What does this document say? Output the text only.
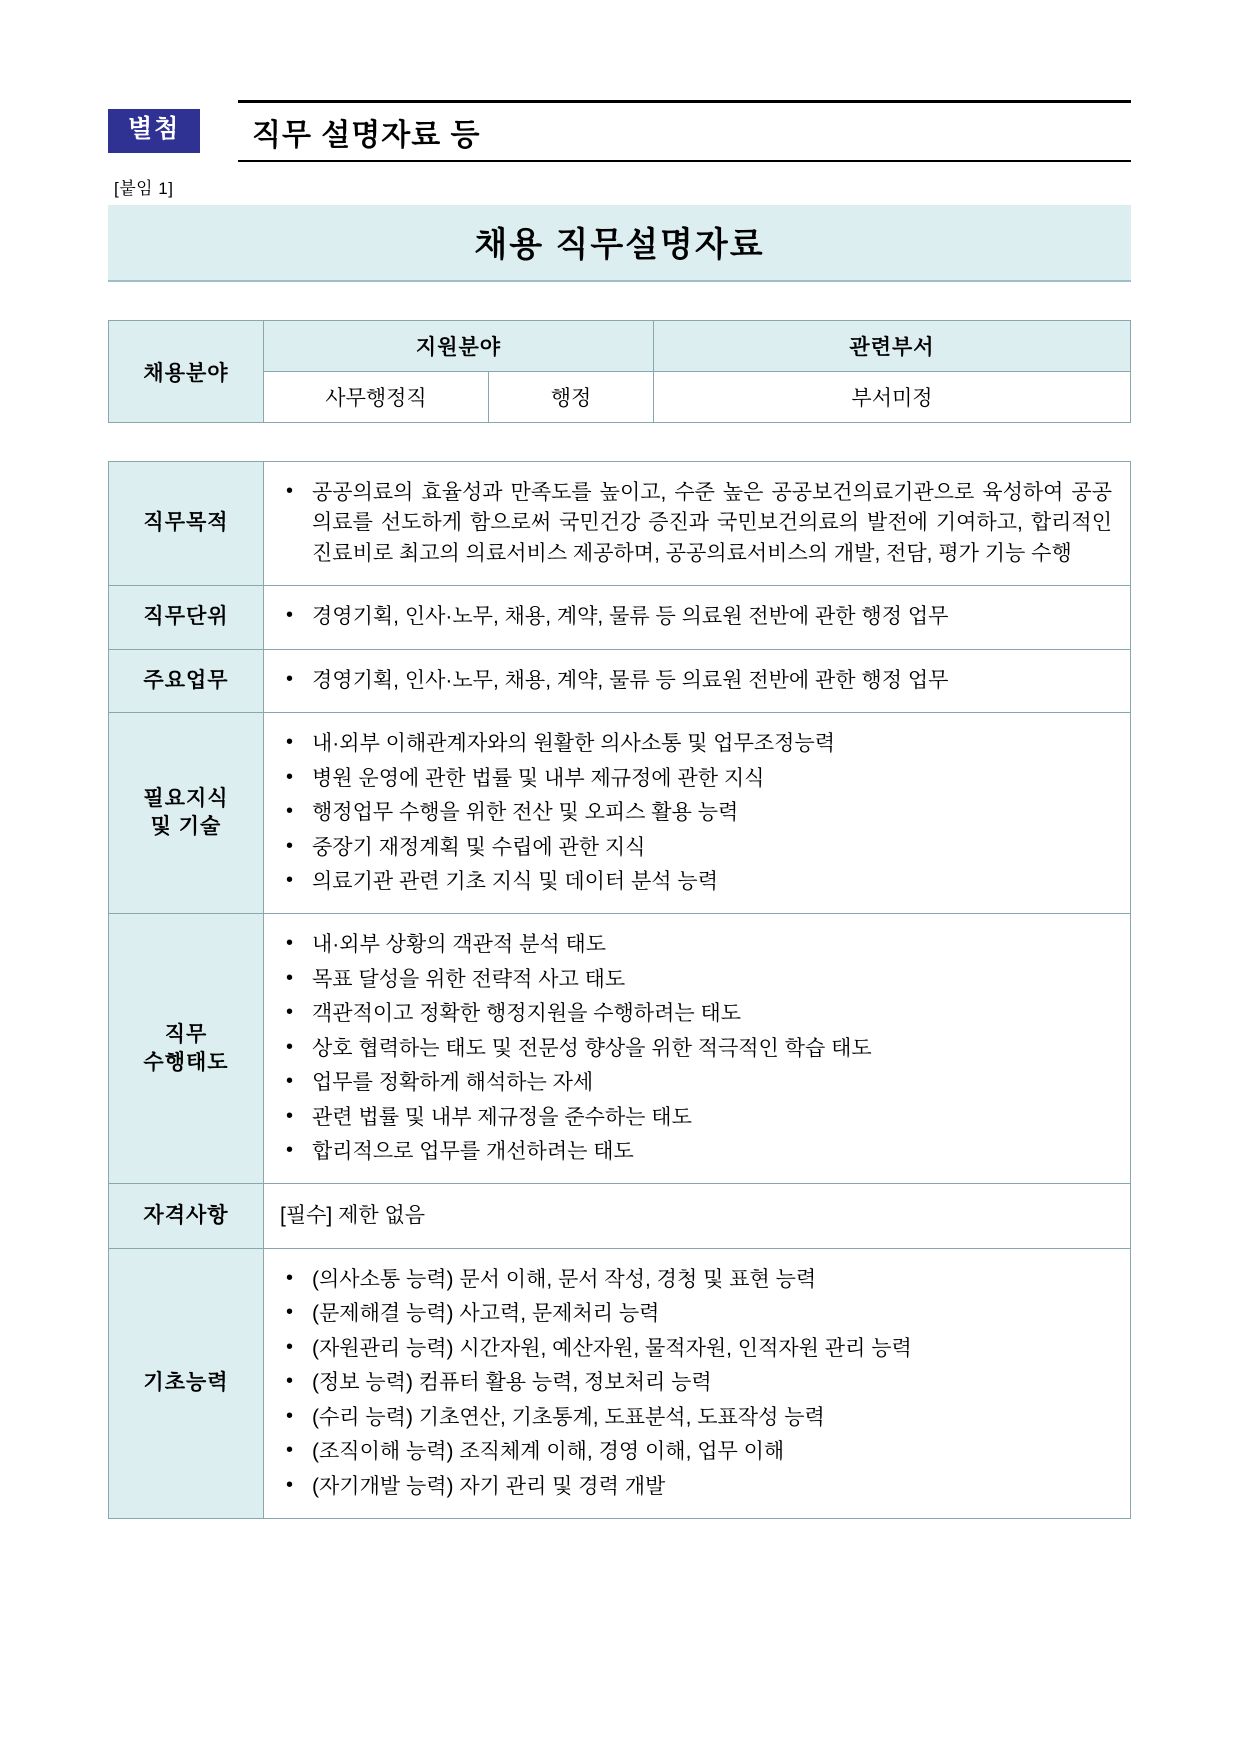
별첨	직무 설명자료 등
[붙임 1]
채용 직무설명자료
채용분야	지원분야		관련부서
	사무행정직	행정	부서미정
직무목적	
• 공공의료의 효율성과 만족도를 높이고, 수준 높은 공공보건의료기관으로 육성하여 공공의료를 선도하게 함으로써 국민건강 증진과 국민보건의료의 발전에 기여하고, 합리적인 진료비로 최고의 의료서비스 제공하며, 공공의료서비스의 개발, 전담, 평가 기능 수행

직무단위	
•경영기획, 인사·노무, 채용, 계약, 물류 등 의료원 전반에 관한 행정 업무

주요업무	
•경영기획, 인사·노무, 채용, 계약, 물류 등 의료원 전반에 관한 행정 업무

필요지식
및 기술

• 내·외부 이해관계자와의 원활한 의사소통 및 업무조정능력
• 병원 운영에 관한 법률 및 내부 제규정에 관한 지식
• 행정업무 수행을 위한 전산 및 오피스 활용 능력
• 중장기 재정계획 및 수립에 관한 지식
• 의료기관 관련 기초 지식 및 데이터 분석 능력

직무
수행태도

• 내·외부 상황의 객관적 분석 태도
• 목표 달성을 위한 전략적 사고 태도
• 객관적이고 정확한 행정지원을 수행하려는 태도
• 상호 협력하는 태도 및 전문성 향상을 위한 적극적인 학습 태도
• 업무를 정확하게 해석하는 자세
• 관련 법률 및 내부 제규정을 준수하는 태도
• 합리적으로 업무를 개선하려는 태도

자격사항	[필수] 제한 없음

기초능력	
• (의사소통 능력) 문서 이해, 문서 작성, 경청 및 표현 능력
• (문제해결 능력) 사고력, 문제처리 능력
• (자원관리 능력) 시간자원, 예산자원, 물적자원, 인적자원 관리 능력
• (정보 능력) 컴퓨터 활용 능력, 정보처리 능력
• (수리 능력) 기초연산, 기초통계, 도표분석, 도표작성 능력
• (조직이해 능력) 조직체계 이해, 경영 이해, 업무 이해
• (자기개발 능력) 자기 관리 및 경력 개발
